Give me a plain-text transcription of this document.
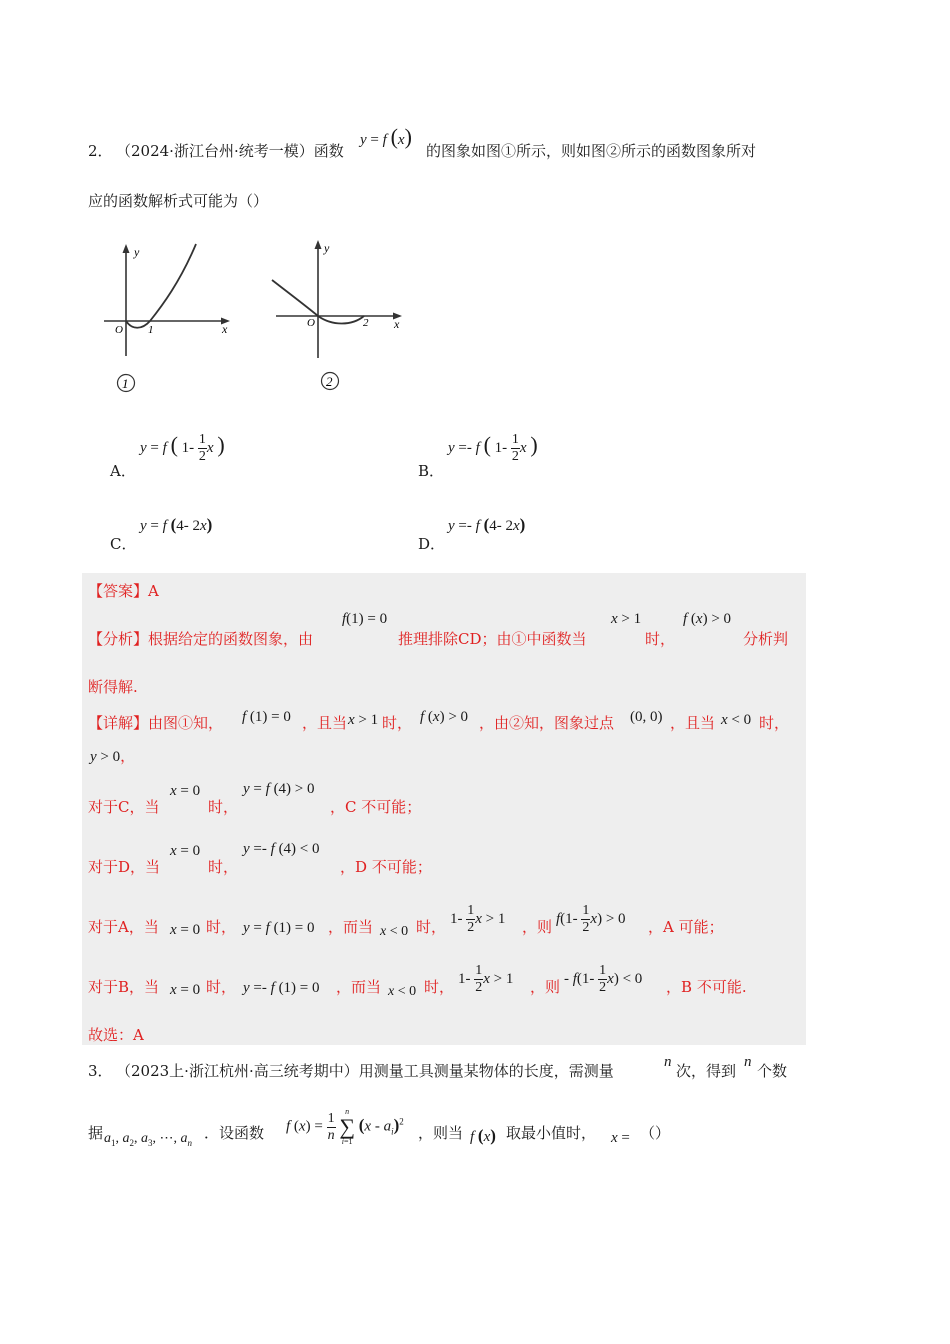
2． （2024·浙江台州·统考一模）函数
y = f (x)
的图象如图①所示，则如图②所示的函数图象所对
应的函数解析式可能为（）
y
x
O 1
1
y
x
O	2
2
A．
y = f ( $1- \frac{1}{2}$ x )
B．
y =- f ( $1- \frac{1}{2}$ x )
C．
y = f (4- 2x)
D．
y =- f (4- 2x)
【答案】A
【分析】根据给定的函数图象，由
f(1) = 0
推理排除CD；由①中函数当
x > 1
时，
f (x) > 0
分析判
断得解.
【详解】由图①知， f (1) = 0 ，且当 x > 1 时， f (x) > 0 ，由②知，图象过点 (0, 0) ，且当 x < 0 时，
y > 0，
对于C，当
x = 0
时，
y = f (4) > 0
，C 不可能；
对于D，当
x = 0
时，
y =- f (4) < 0
，D 不可能；
对于A，当 x = 0 时， y = f (1) = 0 ，而当 x < 0 时， $1- \frac{1}{2}$ x > 1 ，则 $f(1- \frac{1}{2} x) > 0$ ，A 可能；
对于B，当 x = 0 时， y =- f (1) = 0 ，而当 x < 0 时， $1- \frac{1}{2}$ x > 1 ，则 - $f(1- \frac{1}{2} x) < 0$ ，B 不可能.
故选：A
3． （2023上·浙江杭州·高三统考期中）用测量工具测量某物体的长度，需测量	n 次，得到 n 个数
据 $a_1$, $a_2$, $a_3$, ⋯, $a_n$
．设函数 f $(x) = \frac{1}{n}$
	n
∑
i=1
$(x - a_i)^2$
，则当 f (x) 取最小值时， x = （）
